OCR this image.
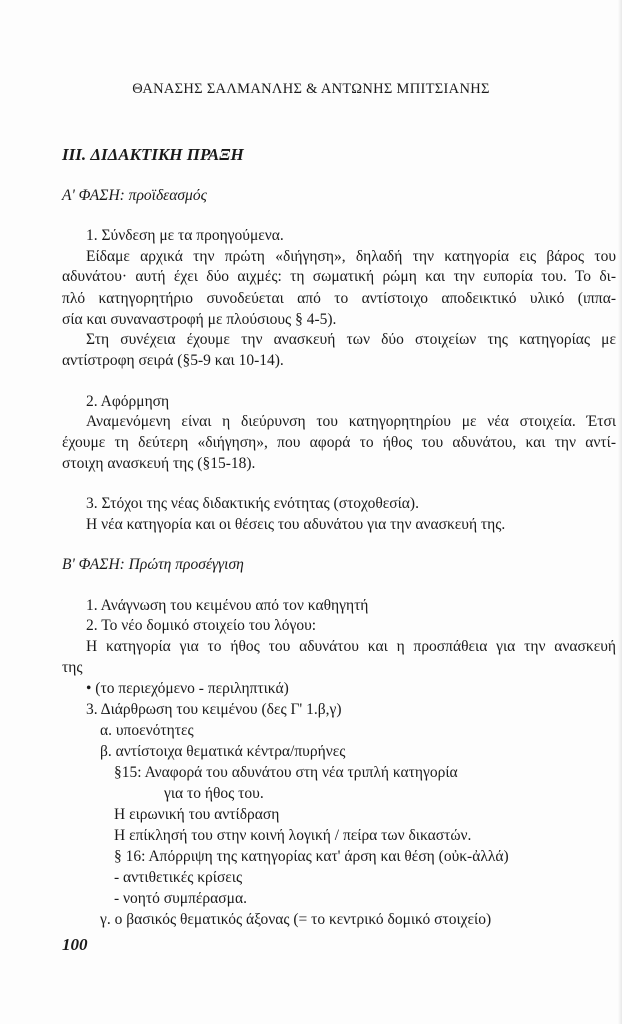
ΘΑΝΑΣΗΣ ΣΑΛΜΑΝΛΗΣ & ΑΝΤΩΝΗΣ ΜΠΙΤΣΙΑΝΗΣ
III. ΔΙΔΑΚΤΙΚΗ ΠΡΑΞΗ
Α' ΦΑΣΗ: προϊδεασμός
1. Σύνδεση με τα προηγούμενα.
Είδαμε αρχικά την πρώτη «διήγηση», δηλαδή την κατηγορία εις βάρος του
αδυνάτου· αυτή έχει δύο αιχμές: τη σωματική ρώμη και την ευπορία του. Το δι-
πλό κατηγορητήριο συνοδεύεται από το αντίστοιχο αποδεικτικό υλικό (ιππα-
σία και συναναστροφή με πλούσιους § 4-5).
Στη συνέχεια έχουμε την ανασκευή των δύο στοιχείων της κατηγορίας με
αντίστροφη σειρά (§5-9 και 10-14).
2. Αφόρμηση
Αναμενόμενη είναι η διεύρυνση του κατηγορητηρίου με νέα στοιχεία. Έτσι
έχουμε τη δεύτερη «διήγηση», που αφορά το ήθος του αδυνάτου, και την αντί-
στοιχη ανασκευή της (§15-18).
3. Στόχοι της νέας διδακτικής ενότητας (στοχοθεσία).
Η νέα κατηγορία και οι θέσεις του αδυνάτου για την ανασκευή της.
Β' ΦΑΣΗ: Πρώτη προσέγγιση
1. Ανάγνωση του κειμένου από τον καθηγητή
2. Το νέο δομικό στοιχείο του λόγου:
Η κατηγορία για το ήθος του αδυνάτου και η προσπάθεια για την ανασκευή
της
• (το περιεχόμενο - περιληπτικά)
3. Διάρθρωση του κειμένου (δες Γ' 1.β,γ)
α. υποενότητες
β. αντίστοιχα θεματικά κέντρα/πυρήνες
§15: Αναφορά του αδυνάτου στη νέα τριπλή κατηγορία
για το ήθος του.
Η ειρωνική του αντίδραση
Η επίκλησή του στην κοινή λογική / πείρα των δικαστών.
§ 16: Απόρριψη της κατηγορίας κατ' άρση και θέση (οὐκ-ἀλλά)
- αντιθετικές κρίσεις
- νοητό συμπέρασμα.
γ. ο βασικός θεματικός άξονας (= το κεντρικό δομικό στοιχείο)
100
